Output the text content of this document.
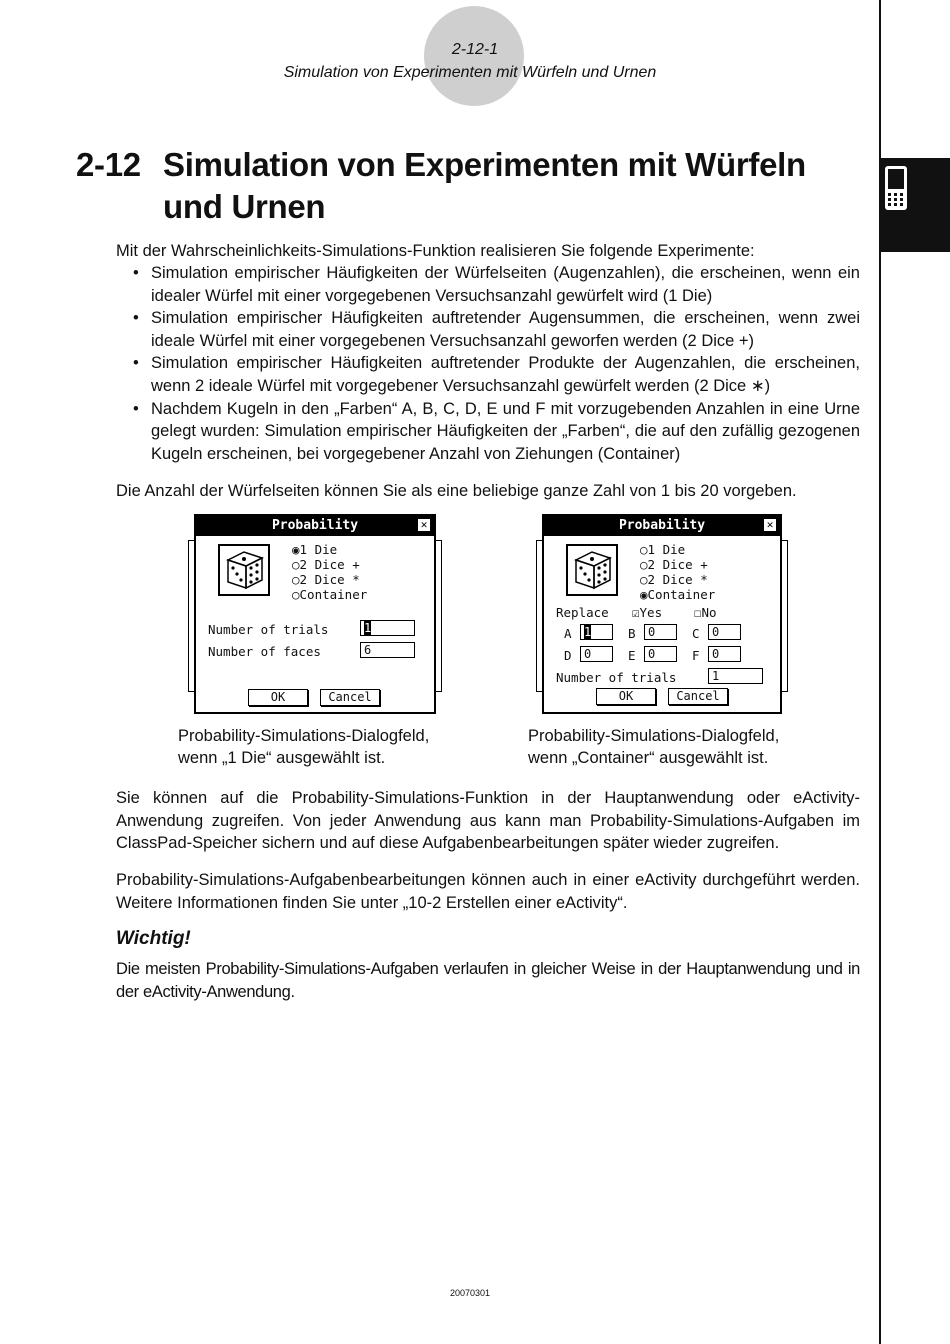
2-12-1
Simulation von Experimenten mit Würfeln und Urnen
2-12 Simulation von Experimenten mit Würfeln
und Urnen
Mit der Wahrscheinlichkeits-Simulations-Funktion realisieren Sie folgende Experimente:
• Simulation empirischer Häufigkeiten der Würfelseiten (Augenzahlen), die erscheinen, wenn ein idealer Würfel mit einer vorgegebenen Versuchsanzahl gewürfelt wird (1 Die)
• Simulation empirischer Häufigkeiten auftretender Augensummen, die erscheinen, wenn zwei ideale Würfel mit einer vorgegebenen Versuchsanzahl geworfen werden (2 Dice +)
• Simulation empirischer Häufigkeiten auftretender Produkte der Augenzahlen, die erscheinen, wenn 2 ideale Würfel mit vorgegebener Versuchsanzahl gewürfelt werden (2 Dice ∗)
• Nachdem Kugeln in den „Farben“ A, B, C, D, E und F mit vorzugebenden Anzahlen in eine Urne gelegt wurden: Simulation empirischer Häufigkeiten der „Farben“, die auf den zufällig gezogenen Kugeln erscheinen, bei vorgegebener Anzahl von Ziehungen (Container)
Die Anzahl der Würfelseiten können Sie als eine beliebige ganze Zahl von 1 bis 20 vorgeben.
Probability	✕
◉1 Die
○2 Dice +
○2 Dice *
○Container
Number of trials	1
Number of faces	6
OK	Cancel
Probability	✕
○1 Die
○2 Dice +
○2 Dice *
◉Container
Replace ☑Yes	☐No
A	1	B	0	C	0
D	0	E	0	F	0
Number of trials	1
OK	Cancel
Probability-Simulations-Dialogfeld,
wenn „1 Die“ ausgewählt ist.
Probability-Simulations-Dialogfeld,
wenn „Container“ ausgewählt ist.
Sie können auf die Probability-Simulations-Funktion in der Hauptanwendung oder eActivity-Anwendung zugreifen. Von jeder Anwendung aus kann man Probability-Simulations-Aufgaben im ClassPad-Speicher sichern und auf diese Aufgabenbearbeitungen später wieder zugreifen.
Probability-Simulations-Aufgabenbearbeitungen können auch in einer eActivity durchgeführt werden. Weitere Informationen finden Sie unter „10-2 Erstellen einer eActivity“.
Wichtig!
Die meisten Probability-Simulations-Aufgaben verlaufen in gleicher Weise in der Hauptanwendung und in der eActivity-Anwendung.
20070301
